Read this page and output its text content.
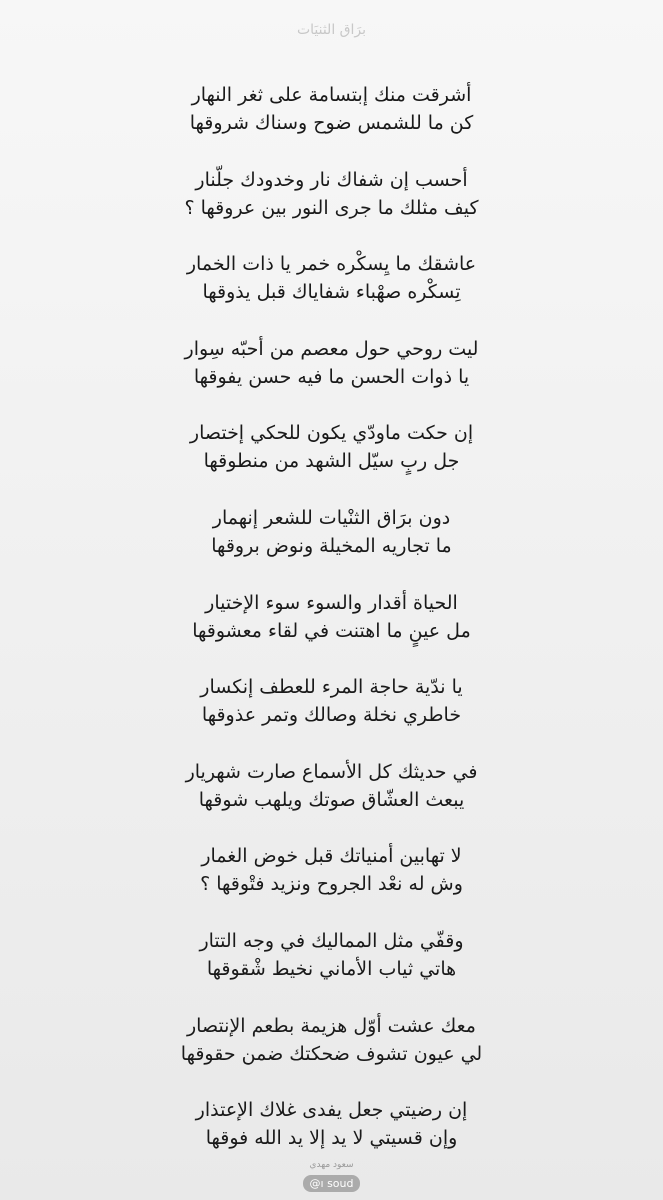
برَاق الثنيَات
أشرقت منك إبتسامة على ثغر النهار
كن ما للشمس ضوح وسناك شروقها
أحسب إن شفاك نار وخدودك جلّنار
كيف مثلك ما جرى النور بين عروقها ؟
عاشقك ما يِسكْره خمر يا ذات الخمار
تِسكْره صهْباء شفاياك قبل يذوقها
ليت روحي حول معصم من أحبّه سِوار
يا ذوات الحسن ما فيه حسن يفوقها
إن حكت ماودّي يكون للحكي إختصار
جل ربٍ سيّل الشهد من منطوقها
دون برَاق الثنْيات للشعر إنهمار
ما تجاريه المخيلة ونوض بروقها
الحياة أقدار والسوء سوء الإختيار
مل عينٍ ما اهتنت في لقاء معشوقها
يا ندّية حاجة المرء للعطف إنكسار
خاطري نخلة وصالك وتمر عذوقها
في حديثك كل الأسماع صارت شهريار
يبعث العشّاق صوتك ويلهب شوقها
لا تهابين أمنياتك قبل خوض الغمار
وش له نعْد الجروح ونزيد فتْوقها ؟
وقفّي مثل المماليك في وجه التتار
هاتي ثياب الأماني نخيط شْقوقها
معك عشت أوّل هزيمة بطعم الإنتصار
لي عيون تشوف ضحكتك ضمن حقوقها
إن رضيتي جعل يفدى غلاك الإعتذار
وإن قسيتي لا يد إلا يد الله فوقها
سعود مهدي
@ı soud
